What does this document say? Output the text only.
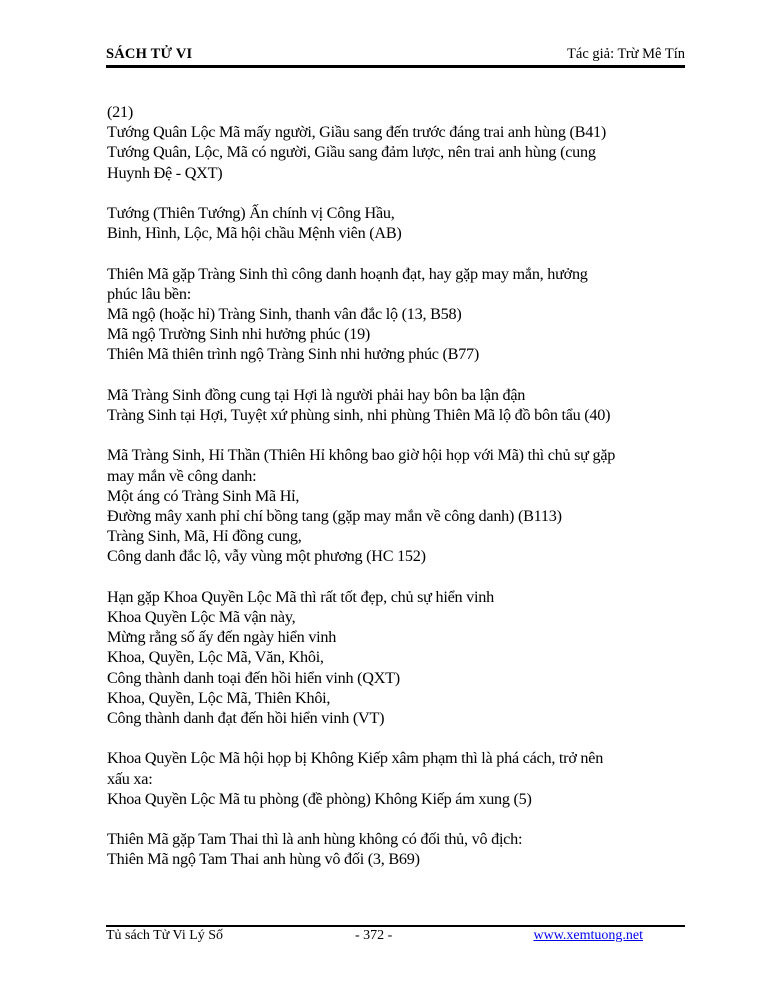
SÁCH TỬ VI	Tác giả: Trừ Mê Tín
(21)
Tướng Quân Lộc Mã mấy người, Giầu sang đến trước đáng trai anh hùng (B41)
Tướng Quân, Lộc, Mã có người, Giầu sang đảm lược, nên trai anh hùng (cung
Huynh Đệ - QXT)
Tướng (Thiên Tướng) Ấn chính vị Công Hầu,
Binh, Hình, Lộc, Mã hội chầu Mệnh viên (AB)
Thiên Mã gặp Tràng Sinh thì công danh hoạnh đạt, hay gặp may mắn, hưởng
phúc lâu bền:
Mã ngộ (hoặc hỉ) Tràng Sinh, thanh vân đắc lộ (13, B58)
Mã ngộ Trường Sinh nhi hưởng phúc (19)
Thiên Mã thiên trình ngộ Tràng Sinh nhi hưởng phúc (B77)
Mã Tràng Sinh đồng cung tại Hợi là người phải hay bôn ba lận đận
Tràng Sinh tại Hợi, Tuyệt xứ phùng sinh, nhi phùng Thiên Mã lộ đồ bôn tẩu (40)
Mã Tràng Sinh, Hỉ Thần (Thiên Hỉ không bao giờ hội họp với Mã) thì chủ sự gặp
may mắn về công danh:
Một áng có Tràng Sinh Mã Hỉ,
Đường mây xanh phỉ chí bồng tang (gặp may mắn về công danh) (B113)
Tràng Sinh, Mã, Hỉ đồng cung,
Công danh đắc lộ, vẫy vùng một phương (HC 152)
Hạn gặp Khoa Quyền Lộc Mã thì rất tốt đẹp, chủ sự hiển vinh
Khoa Quyền Lộc Mã vận này,
Mừng rằng số ấy đến ngày hiển vinh
Khoa, Quyền, Lộc Mã, Văn, Khôi,
Công thành danh toại đến hồi hiển vinh (QXT)
Khoa, Quyền, Lộc Mã, Thiên Khôi,
Công thành danh đạt đến hồi hiển vinh (VT)
Khoa Quyền Lộc Mã hội họp bị Không Kiếp xâm phạm thì là phá cách, trở nên
xấu xa:
Khoa Quyền Lộc Mã tu phòng (đề phòng) Không Kiếp ám xung (5)
Thiên Mã gặp Tam Thai thì là anh hùng không có đối thủ, vô địch:
Thiên Mã ngộ Tam Thai anh hùng vô đối (3, B69)
Tủ sách Tử Vi Lý Số	- 372 -	www.xemtuong.net
